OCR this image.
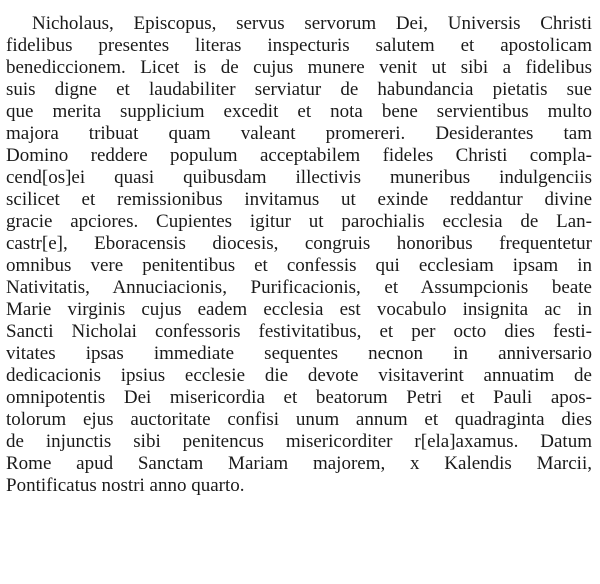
Nicholaus, Episcopus, servus servorum Dei, Universis Christi
fidelibus presentes literas inspecturis salutem et apostolicam
benediccionem. Licet is de cujus munere venit ut sibi a fidelibus
suis digne et laudabiliter serviatur de habundancia pietatis sue
que merita supplicium excedit et nota bene servientibus multo
majora tribuat quam valeant promereri. Desiderantes tam
Domino reddere populum acceptabilem fideles Christi compla-
cend[os]ei quasi quibusdam illectivis muneribus indulgenciis
scilicet et remissionibus invitamus ut exinde reddantur divine
gracie apciores. Cupientes igitur ut parochialis ecclesia de Lan-
castr[e], Eboracensis diocesis, congruis honoribus frequentetur
omnibus vere penitentibus et confessis qui ecclesiam ipsam in
Nativitatis, Annuciacionis, Purificacionis, et Assumpcionis beate
Marie virginis cujus eadem ecclesia est vocabulo insignita ac in
Sancti Nicholai confessoris festivitatibus, et per octo dies festi-
vitates ipsas immediate sequentes necnon in anniversario
dedicacionis ipsius ecclesie die devote visitaverint annuatim de
omnipotentis Dei misericordia et beatorum Petri et Pauli apos-
tolorum ejus auctoritate confisi unum annum et quadraginta dies
de injunctis sibi penitencus misericorditer r[ela]axamus. Datum
Rome apud Sanctam Mariam majorem, x Kalendis Marcii,
Pontificatus nostri anno quarto.
